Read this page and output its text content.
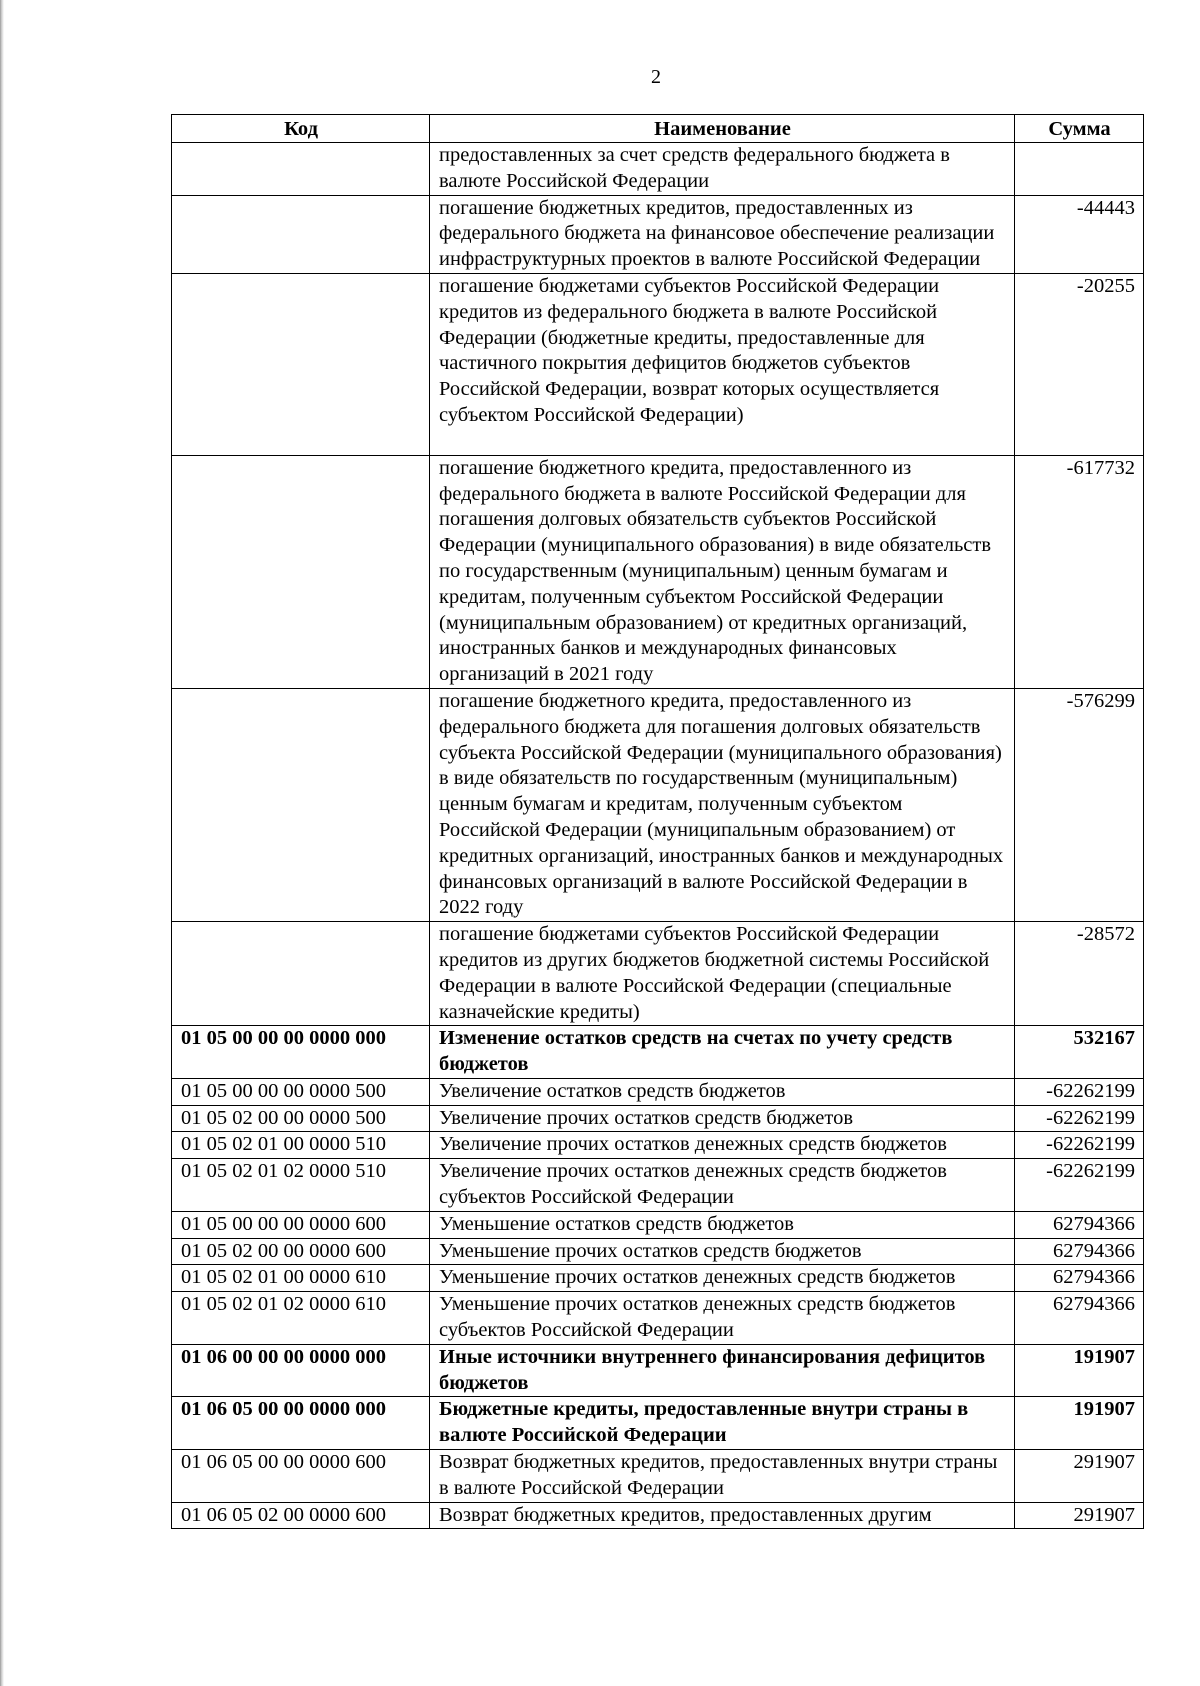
2
Код	Наименование	Сумма
	предоставленных за счет средств федерального бюджета в валюте Российской Федерации	
	погашение бюджетных кредитов, предоставленных из федерального бюджета на финансовое обеспечение реализации инфраструктурных проектов в валюте Российской Федерации	-44443
	погашение бюджетами субъектов Российской Федерации кредитов из федерального бюджета в валюте Российской Федерации (бюджетные кредиты, предоставленные для частичного покрытия дефицитов бюджетов субъектов Российской Федерации, возврат которых осуществляется субъектом Российской Федерации)	-20255
	погашение бюджетного кредита, предоставленного из федерального бюджета в валюте Российской Федерации для погашения долговых обязательств субъектов Российской Федерации (муниципального образования) в виде обязательств по государственным (муниципальным) ценным бумагам и кредитам, полученным субъектом Российской Федерации (муниципальным образованием) от кредитных организаций, иностранных банков и международных финансовых организаций в 2021 году	-617732
	погашение бюджетного кредита, предоставленного из федерального бюджета для погашения долговых обязательств субъекта Российской Федерации (муниципального образования) в виде обязательств по государственным (муниципальным) ценным бумагам и кредитам, полученным субъектом Российской Федерации (муниципальным образованием) от кредитных организаций, иностранных банков и международных финансовых организаций в валюте Российской Федерации в 2022 году	-576299
	погашение бюджетами субъектов Российской Федерации кредитов из других бюджетов бюджетной системы Российской Федерации в валюте Российской Федерации (специальные казначейские кредиты)	-28572
01 05 00 00 00 0000 000	Изменение остатков средств на счетах по учету средств бюджетов	532167
01 05 00 00 00 0000 500	Увеличение остатков средств бюджетов	-62262199
01 05 02 00 00 0000 500	Увеличение прочих остатков средств бюджетов	-62262199
01 05 02 01 00 0000 510	Увеличение прочих остатков денежных средств бюджетов	-62262199
01 05 02 01 02 0000 510	Увеличение прочих остатков денежных средств бюджетов субъектов Российской Федерации	-62262199
01 05 00 00 00 0000 600	Уменьшение остатков средств бюджетов	62794366
01 05 02 00 00 0000 600	Уменьшение прочих остатков средств бюджетов	62794366
01 05 02 01 00 0000 610	Уменьшение прочих остатков денежных средств бюджетов	62794366
01 05 02 01 02 0000 610	Уменьшение прочих остатков денежных средств бюджетов субъектов Российской Федерации	62794366
01 06 00 00 00 0000 000	Иные источники внутреннего финансирования дефицитов бюджетов	191907
01 06 05 00 00 0000 000	Бюджетные кредиты, предоставленные внутри страны в валюте Российской Федерации	191907
01 06 05 00 00 0000 600	Возврат бюджетных кредитов, предоставленных внутри страны в валюте Российской Федерации	291907
01 06 05 02 00 0000 600	Возврат бюджетных кредитов, предоставленных другим	291907
